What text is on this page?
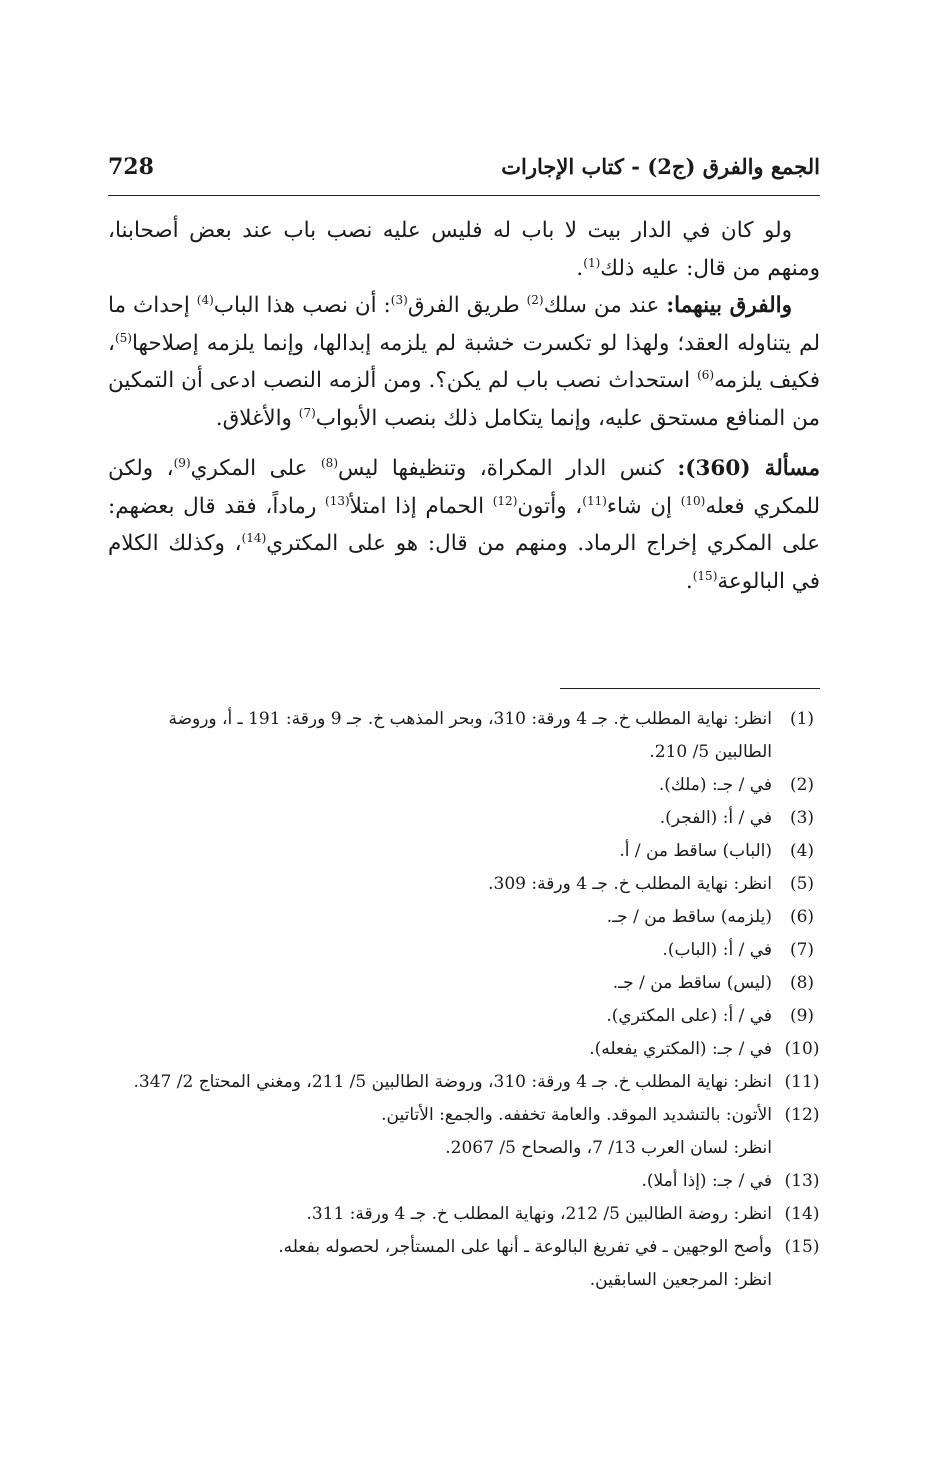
728	الجمع والفرق (ج2) - كتاب الإجارات

ولو كان في الدار بيت لا باب له فليس عليه نصب باب عند بعض أصحابنا، ومنهم من قال: عليه ذلك$^{(1)}$.

والفرق بينهما: عند من سلك$^{(2)}$ طريق الفرق$^{(3)}$: أن نصب هذا الباب$^{(4)}$ إحداث ما لم يتناوله العقد؛ ولهذا لو تكسرت خشبة لم يلزمه إبدالها، وإنما يلزمه إصلاحها$^{(5)}$، فكيف يلزمه$^{(6)}$ استحداث نصب باب لم يكن؟. ومن ألزمه النصب ادعى أن التمكين من المنافع مستحق عليه، وإنما يتكامل ذلك بنصب الأبواب$^{(7)}$ والأغلاق.

مسألة (360): كنس الدار المكراة، وتنظيفها ليس$^{(8)}$ على المكري$^{(9)}$، ولكن للمكري فعله$^{(10)}$ إن شاء$^{(11)}$، وأتون$^{(12)}$ الحمام إذا امتلأ$^{(13)}$ رماداً، فقد قال بعضهم: على المكري إخراج الرماد. ومنهم من قال: هو على المكتري$^{(14)}$، وكذلك الكلام في البالوعة$^{(15)}$.

(1)
انظر: نهاية المطلب خ. جـ 4 ورقة: 310، وبحر المذهب خ. جـ 9 ورقة: 191 ـ أ، وروضة الطالبين 5/ 210.
(2)
في / جـ: (ملك).
(3)
في / أ: (الفجر).
(4)
(الباب) ساقط من / أ.
(5)
انظر: نهاية المطلب خ. جـ 4 ورقة: 309.
(6)
(يلزمه) ساقط من / جـ.
(7)
في / أ: (الباب).
(8)
(ليس) ساقط من / جـ.
(9)
في / أ: (على المكتري).
(10)
في / جـ: (المكتري يفعله).
(11)
انظر: نهاية المطلب خ. جـ 4 ورقة: 310، وروضة الطالبين 5/ 211، ومغني المحتاج 2/ 347.
(12)
الأتون: بالتشديد الموقد. والعامة تخففه. والجمع: الأتاتين.
انظر: لسان العرب 13/ 7، والصحاح 5/ 2067.
(13)
في / جـ: (إذا أملا).
(14)
انظر: روضة الطالبين 5/ 212، ونهاية المطلب خ. جـ 4 ورقة: 311.
(15)
وأصح الوجهين ـ في تفريغ البالوعة ـ أنها على المستأجر، لحصوله بفعله.
انظر: المرجعين السابقين.
